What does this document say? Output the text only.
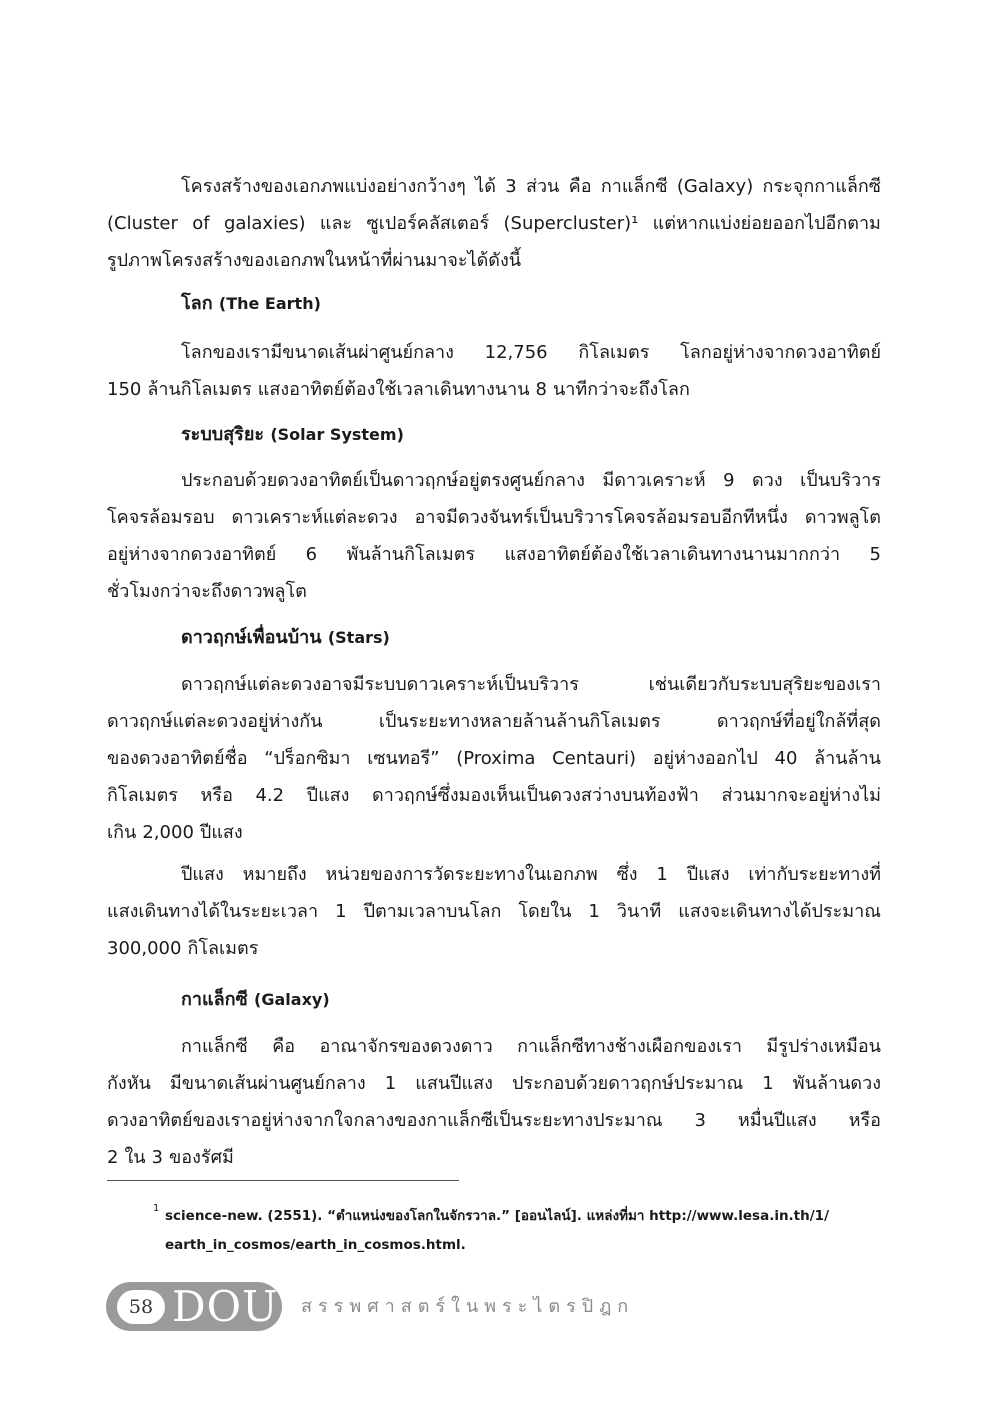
โครงสร้างของเอกภพแบ่งอย่างกว้างๆ ได้ 3 ส่วน คือ กาแล็กซี (Galaxy) กระจุกกาแล็กซี
(Cluster of galaxies) และ ซูเปอร์คลัสเตอร์ (Supercluster)¹ แต่หากแบ่งย่อยออกไปอีกตาม
รูปภาพโครงสร้างของเอกภพในหน้าที่ผ่านมาจะได้ดังนี้
โลก (The Earth)
โลกของเรามีขนาดเส้นผ่าศูนย์กลาง 12,756 กิโลเมตร โลกอยู่ห่างจากดวงอาทิตย์
150 ล้านกิโลเมตร แสงอาทิตย์ต้องใช้เวลาเดินทางนาน 8 นาทีกว่าจะถึงโลก
ระบบสุริยะ (Solar System)
ประกอบด้วยดวงอาทิตย์เป็นดาวฤกษ์อยู่ตรงศูนย์กลาง มีดาวเคราะห์ 9 ดวง เป็นบริวาร
โคจรล้อมรอบ ดาวเคราะห์แต่ละดวง อาจมีดวงจันทร์เป็นบริวารโคจรล้อมรอบอีกทีหนึ่ง ดาวพลูโต
อยู่ห่างจากดวงอาทิตย์ 6 พันล้านกิโลเมตร แสงอาทิตย์ต้องใช้เวลาเดินทางนานมากกว่า 5
ชั่วโมงกว่าจะถึงดาวพลูโต
ดาวฤกษ์เพื่อนบ้าน (Stars)
ดาวฤกษ์แต่ละดวงอาจมีระบบดาวเคราะห์เป็นบริวาร	เช่นเดียวกับระบบสุริยะของเรา
ดาวฤกษ์แต่ละดวงอยู่ห่างกัน	เป็นระยะทางหลายล้านล้านกิโลเมตร	ดาวฤกษ์ที่อยู่ใกล้ที่สุด
ของดวงอาทิตย์ชื่อ “ปร็อกซิมา เซนทอรี” (Proxima Centauri) อยู่ห่างออกไป 40 ล้านล้าน
กิโลเมตร หรือ 4.2 ปีแสง ดาวฤกษ์ซึ่งมองเห็นเป็นดวงสว่างบนท้องฟ้า ส่วนมากจะอยู่ห่างไม่
เกิน 2,000 ปีแสง
ปีแสง หมายถึง หน่วยของการวัดระยะทางในเอกภพ ซึ่ง 1 ปีแสง เท่ากับระยะทางที่
แสงเดินทางได้ในระยะเวลา 1 ปีตามเวลาบนโลก โดยใน 1 วินาที แสงจะเดินทางได้ประมาณ
300,000 กิโลเมตร
กาแล็กซี (Galaxy)
กาแล็กซี คือ อาณาจักรของดวงดาว กาแล็กซีทางช้างเผือกของเรา มีรูปร่างเหมือน
กังหัน มีขนาดเส้นผ่านศูนย์กลาง 1 แสนปีแสง ประกอบด้วยดาวฤกษ์ประมาณ 1 พันล้านดวง
ดวงอาทิตย์ของเราอยู่ห่างจากใจกลางของกาแล็กซีเป็นระยะทางประมาณ 3 หมื่นปีแสง หรือ
2 ใน 3 ของรัศมี
1 science-new. (2551). “ตำแหน่งของโลกในจักรวาล.” [ออนไลน์]. แหล่งที่มา http://www.lesa.in.th/1/
earth_in_cosmos/earth_in_cosmos.html.
58 DOU สรรพศาสตร์ในพระไตรปิฎก
